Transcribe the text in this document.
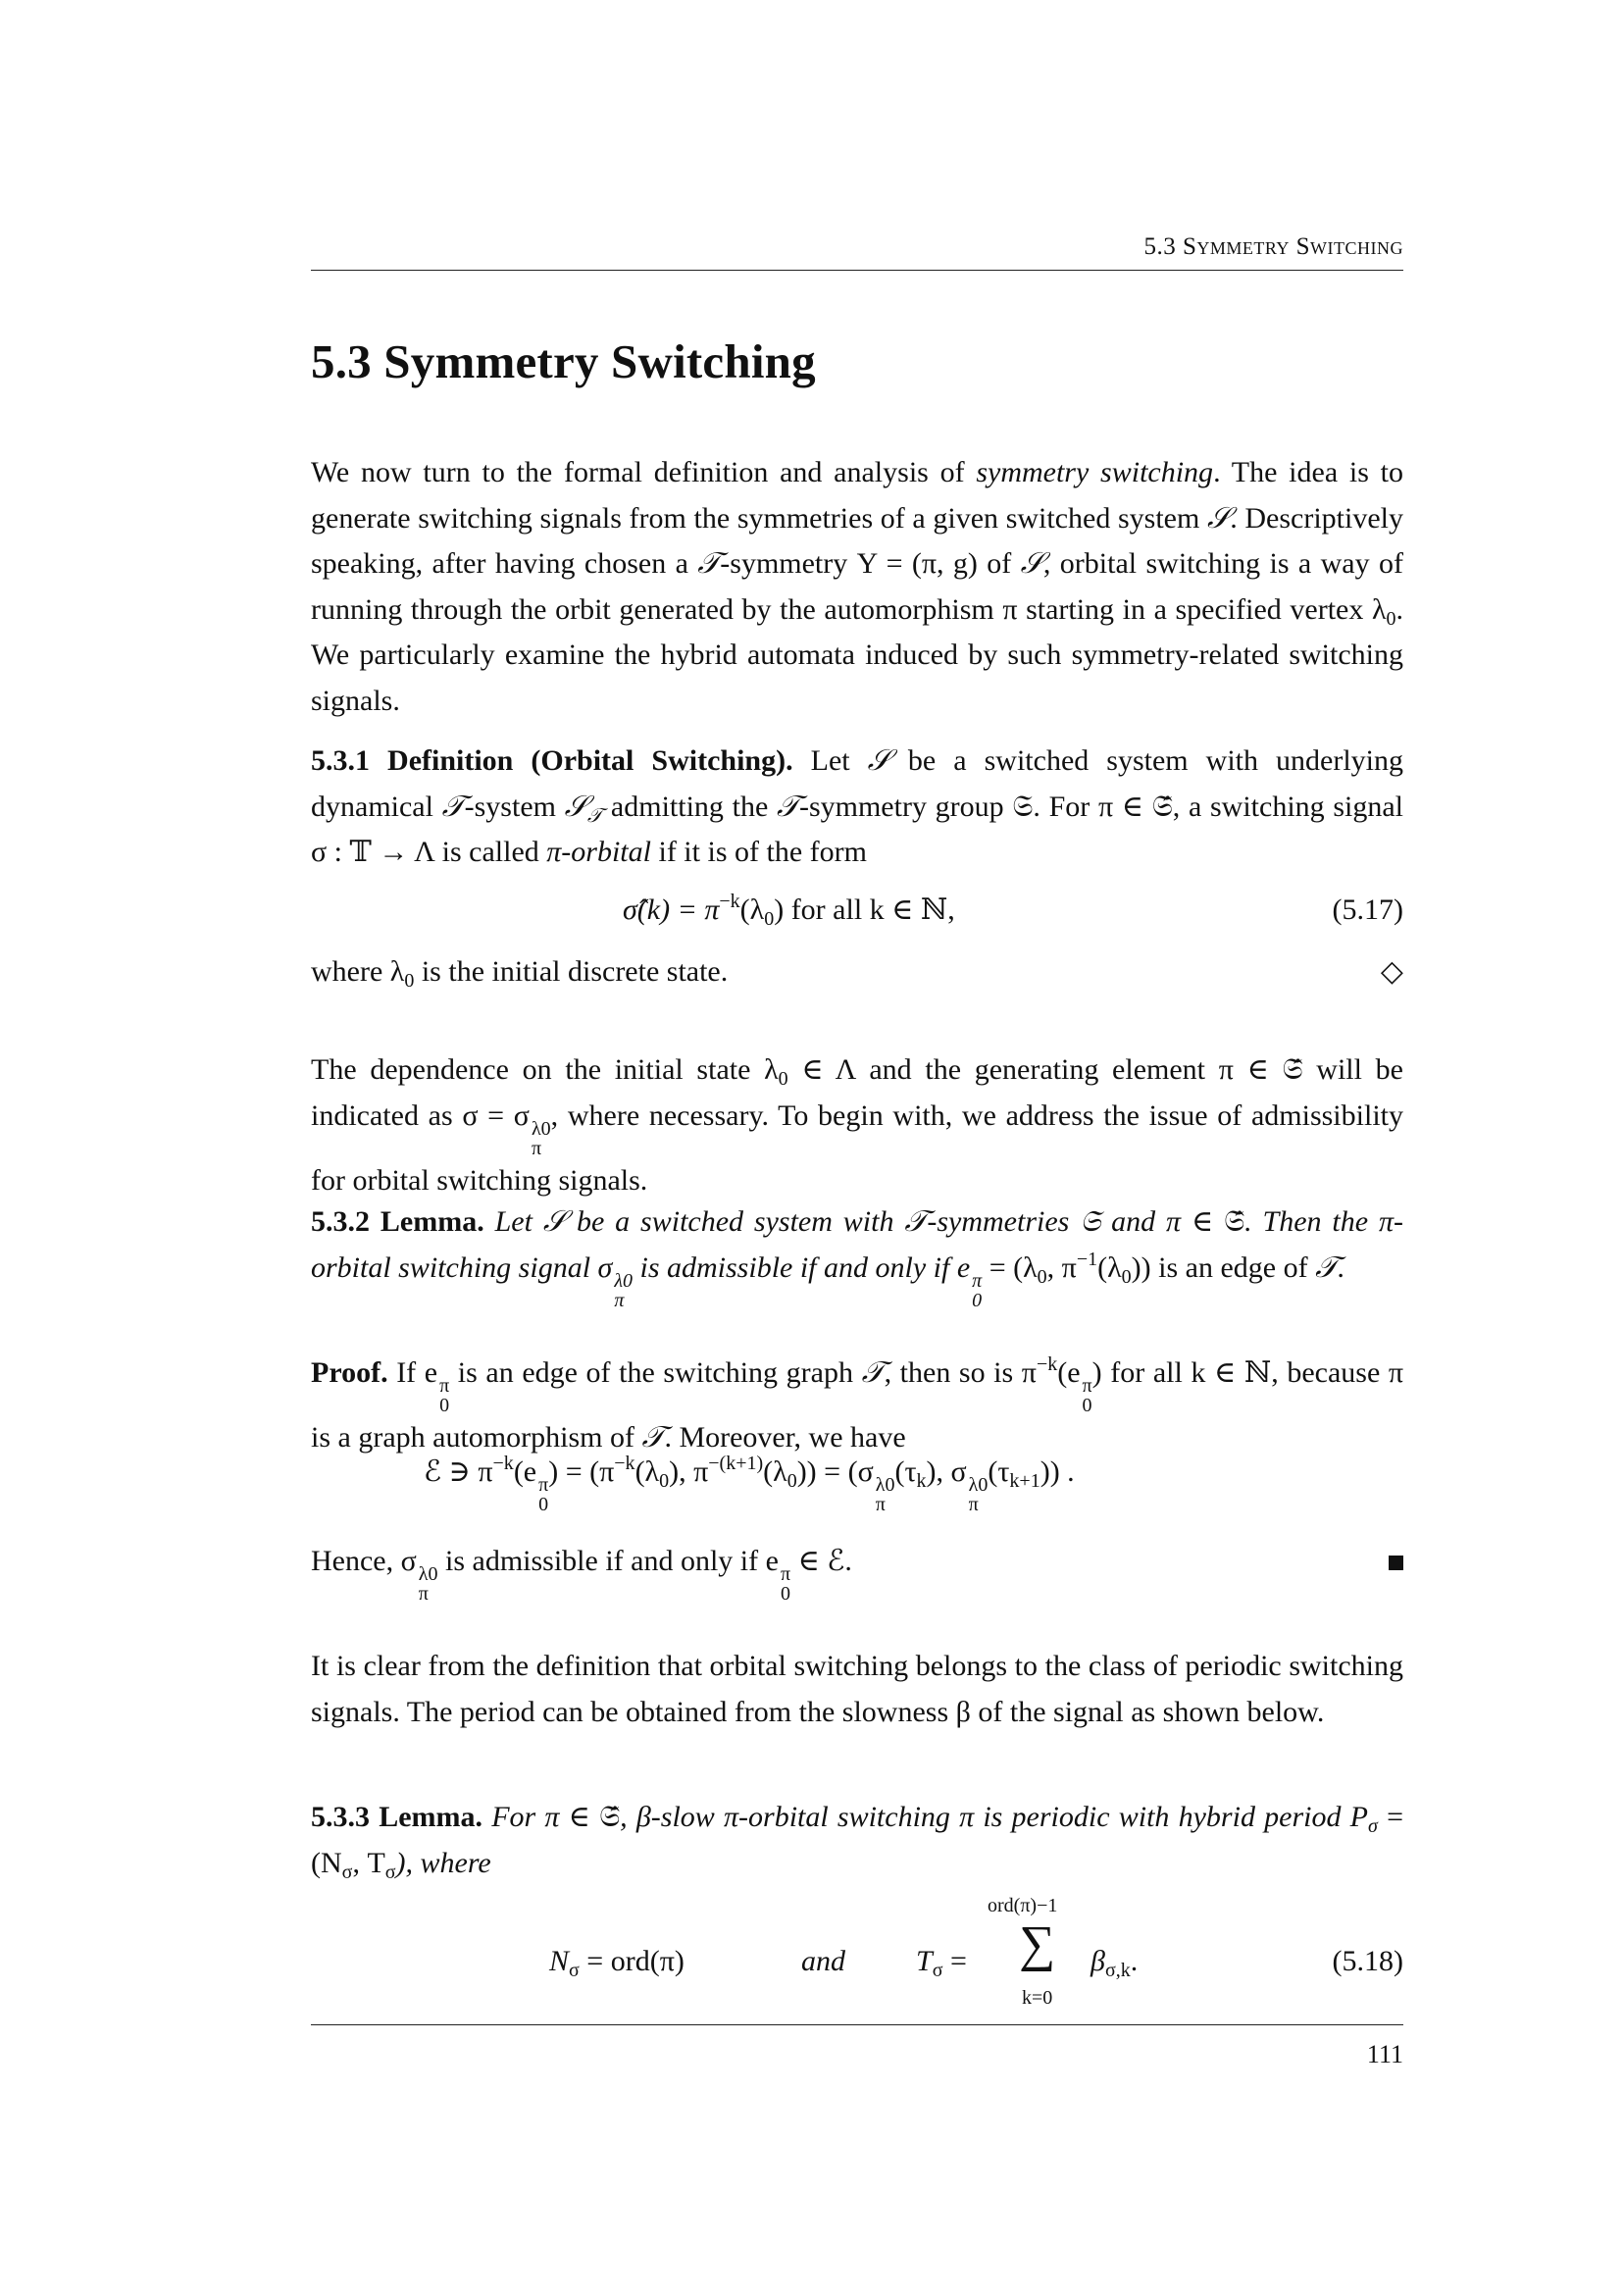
5.3 Symmetry Switching
5.3 Symmetry Switching

We now turn to the formal definition and analysis of symmetry switching. The idea is to generate switching signals from the symmetries of a given switched system 𝒮. Descriptively speaking, after having chosen a 𝒯-symmetry Υ = (π, g) of 𝒮, orbital switching is a way of running through the orbit generated by the automorphism π starting in a specified vertex $\lambda_0$. We particularly examine the hybrid automata induced by such symmetry-related switching signals.

5.3.1 Definition (Orbital Switching). Let 𝒮 be a switched system with underlying dynamical 𝒯-system 𝒮$_𝒯$ admitting the 𝒯-symmetry group 𝔖. For π ∈ 𝔖̂, a switching signal σ : 𝕋 → Λ is called π-orbital if it is of the form

σ̂(k) = $\pi^{-k}(\lambda_0)$ for all k ∈ ℕ,	(5.17)
where $\lambda_0$ is the initial discrete state.	◇

The dependence on the initial state $\lambda_0$ ∈ Λ and the generating element π ∈ 𝔖̂ will be indicated as σ = σ λ0
π
, where necessary. To begin with, we address the issue of admissibility for orbital switching signals.

5.3.2 Lemma. Let 𝒮 be a switched system with 𝒯-symmetries 𝔖 and π ∈ 𝔖̂. Then the π-orbital switching signal σ λ0
π
is admissible if and only if e π
0
= ($\lambda_0$, $\pi^{-1}(\lambda_0)$) is an edge of 𝒯.

Proof. If e π
0
is an edge of the switching graph 𝒯, then so is $\pi^{-k}(e$ π
0
) for all k ∈ ℕ, because π is a graph automorphism of 𝒯. Moreover, we have

ℰ ∋ $\pi^{-k}(e$ π
0
) = ($\pi^{-k}(\lambda_0)$, $\pi^{-(k+1)}(\lambda_0)) = (\sigma$ λ0
π
$(\tau_k)$, σ λ0
π
$(\tau_{k+1})$) .
Hence, σ λ0
π
is admissible if and only if e π
0
∈ ℰ.

It is clear from the definition that orbital switching belongs to the class of periodic switching signals. The period can be obtained from the slowness β of the signal as shown below.

5.3.3 Lemma. For π ∈ 𝔖̂, β-slow π-orbital switching π is periodic with hybrid period $P_\sigma = (N_\sigma$, $T_\sigma$), where

$N_\sigma = ord(\pi)$	and $T_\sigma$ =
ord(π)−1
∑
k=0
$\beta_{\sigma,k}$.	(5.18)
111
